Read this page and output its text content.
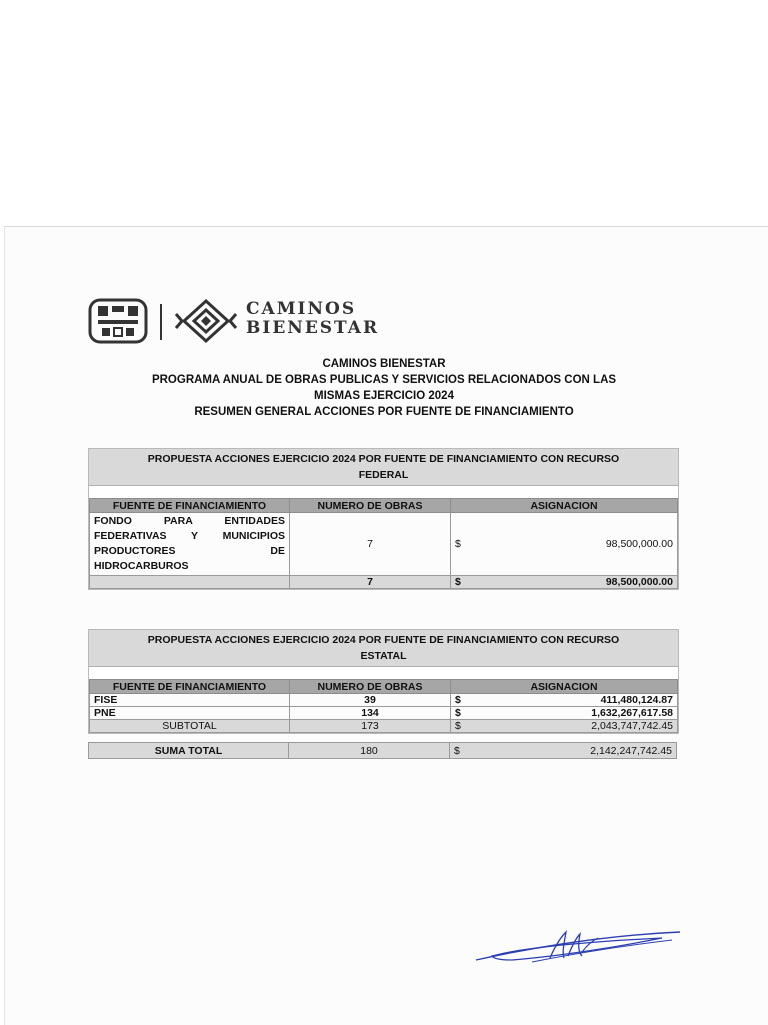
CAMINOS
BIENESTAR
CAMINOS BIENESTAR
PROGRAMA ANUAL DE OBRAS PUBLICAS Y SERVICIOS RELACIONADOS CON LAS
MISMAS EJERCICIO 2024
RESUMEN GENERAL ACCIONES POR FUENTE DE FINANCIAMIENTO
PROPUESTA ACCIONES EJERCICIO 2024 POR FUENTE DE FINANCIAMIENTO CON RECURSO
FEDERAL
FUENTE DE FINANCIAMIENTO	NUMERO DE OBRAS	ASIGNACION	

FONDO PARA ENTIDADES
FEDERATIVAS Y MUNICIPIOS
PRODUCTORES DE
HIDROCARBUROS	7	$	98,500,000.00
	7	$	98,500,000.00
PROPUESTA ACCIONES EJERCICIO 2024 POR FUENTE DE FINANCIAMIENTO CON RECURSO
ESTATAL
FUENTE DE FINANCIAMIENTO	NUMERO DE OBRAS	ASIGNACION	
FISE	39	$	411,480,124.87
PNE	134	$	1,632,267,617.58
SUBTOTAL	173	$	2,043,747,742.45
SUMA TOTAL	180	$	2,142,247,742.45
